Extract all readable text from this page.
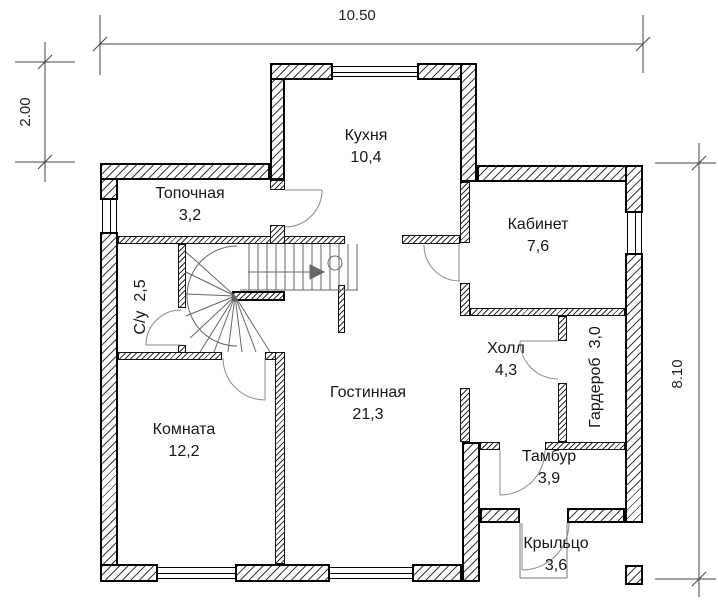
10.50
2.00
8.10
Кухня
10,4
Топочная
3,2
Кабинет
7,6
С/у2,5
Комната
12,2
Гостинная
21,3
Холл
4,3	Гардероб3,0
Тамбур
3,9
Крыльцо
3,6
